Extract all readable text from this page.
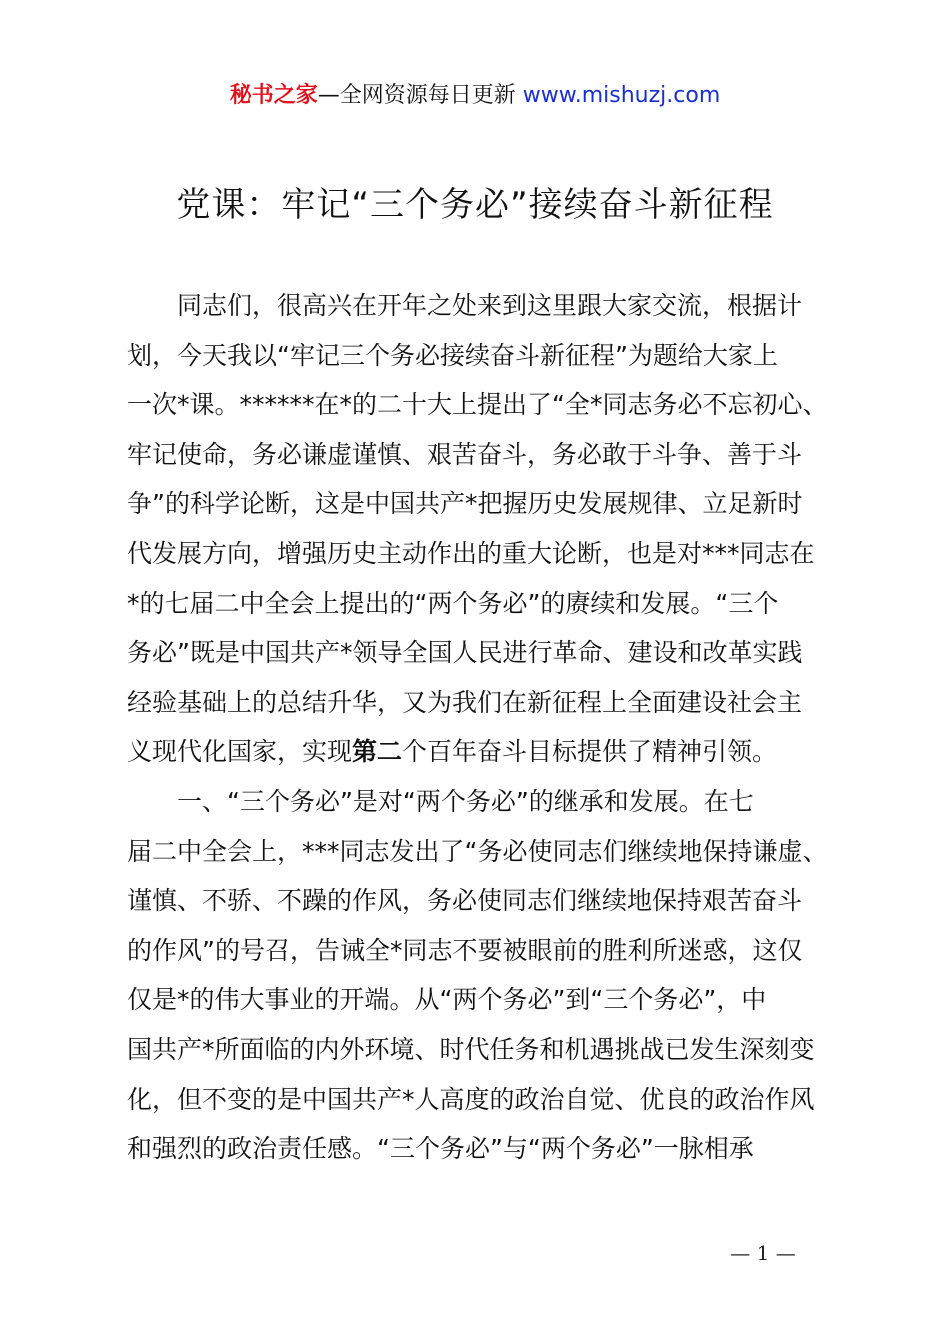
秘书之家—全网资源每日更新 www.mishuzj.com
党课：牢记“三个务必”接续奋斗新征程
　　同志们，很高兴在开年之处来到这里跟大家交流，根据计
划，今天我以“牢记三个务必接续奋斗新征程”为题给大家上
一次*课。******在*的二十大上提出了“全*同志务必不忘初心、
牢记使命，务必谦虚谨慎、艰苦奋斗，务必敢于斗争、善于斗
争”的科学论断，这是中国共产*把握历史发展规律、立足新时
代发展方向，增强历史主动作出的重大论断，也是对***同志在
*的七届二中全会上提出的“两个务必”的赓续和发展。“三个
务必”既是中国共产*领导全国人民进行革命、建设和改革实践
经验基础上的总结升华，又为我们在新征程上全面建设社会主
义现代化国家，实现第二个百年奋斗目标提供了精神引领。
　　一、“三个务必”是对“两个务必”的继承和发展。在七
届二中全会上，***同志发出了“务必使同志们继续地保持谦虚、
谨慎、不骄、不躁的作风，务必使同志们继续地保持艰苦奋斗
的作风”的号召，告诫全*同志不要被眼前的胜利所迷惑，这仅
仅是*的伟大事业的开端。从“两个务必”到“三个务必”，中
国共产*所面临的内外环境、时代任务和机遇挑战已发生深刻变
化，但不变的是中国共产*人高度的政治自觉、优良的政治作风
和强烈的政治责任感。“三个务必”与“两个务必”一脉相承
— 1 —
